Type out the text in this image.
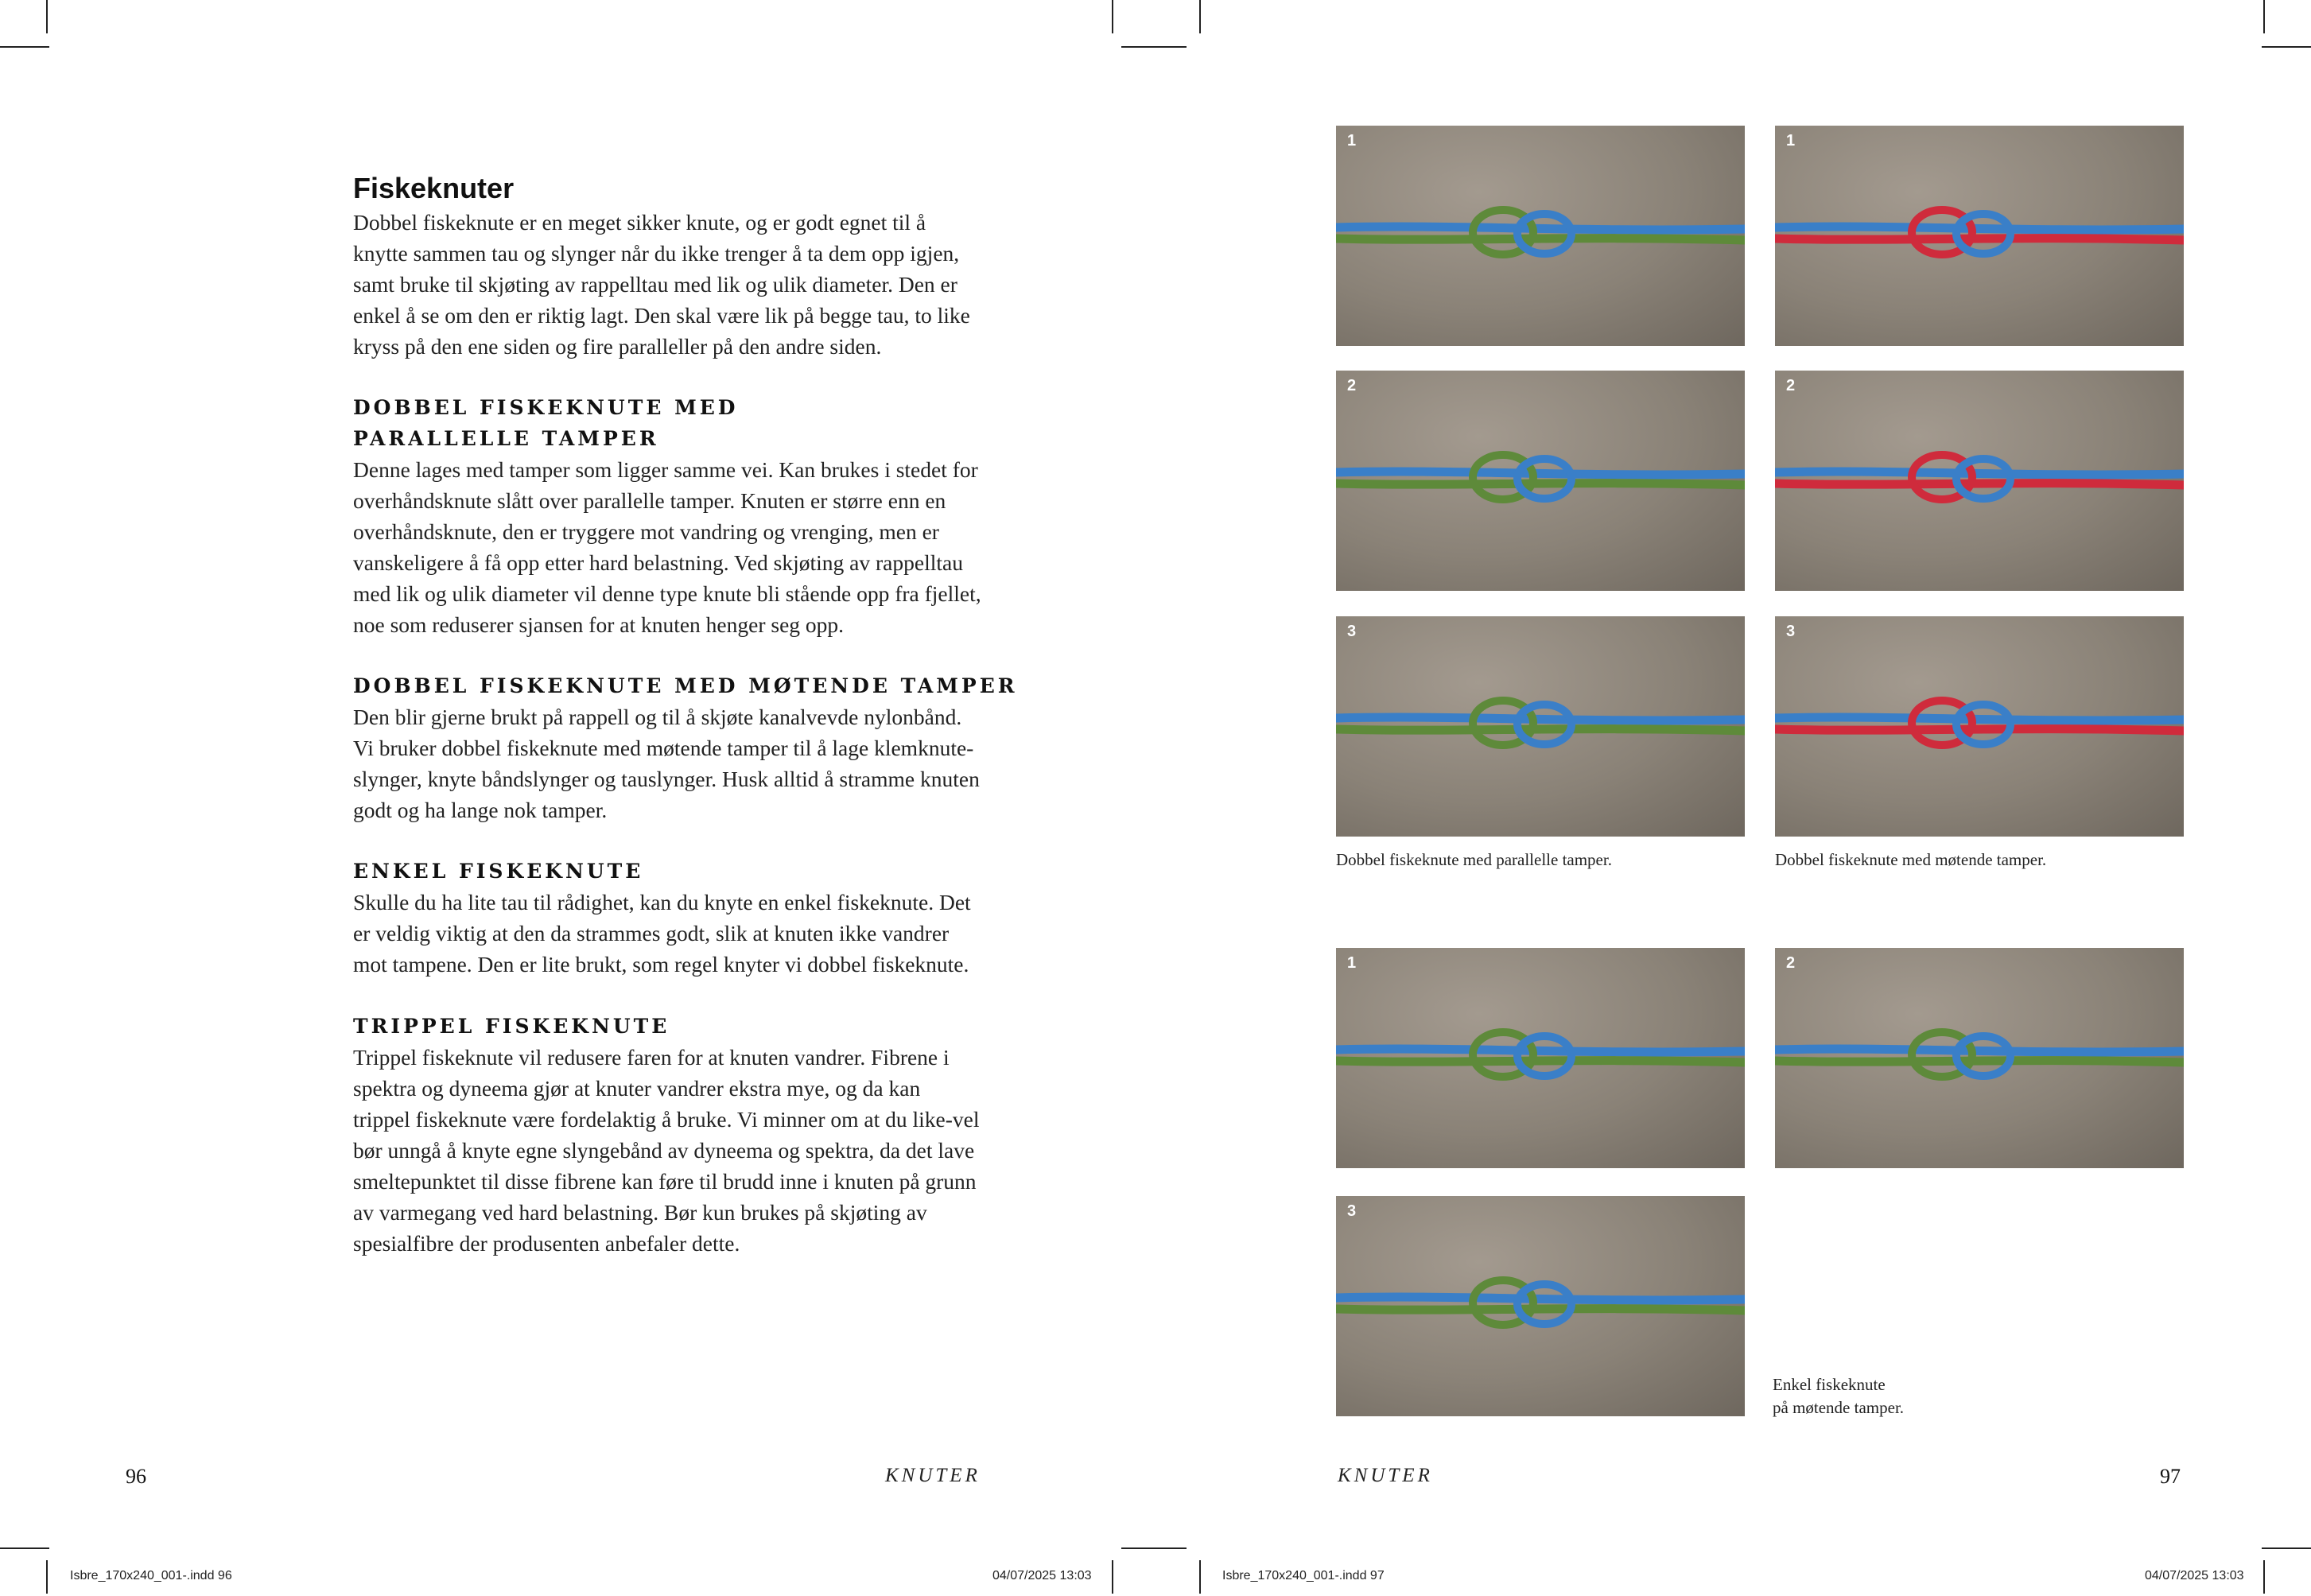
Fiskeknuter

Dobbel fiskeknute er en meget sikker knute, og er godt egnet til å knytte sammen tau og slynger når du ikke trenger å ta dem opp igjen, samt bruke til skjøting av rappelltau med lik og ulik diameter. Den er enkel å se om den er riktig lagt. Den skal være lik på begge tau, to like kryss på den ene siden og fire paralleller på den andre siden.

DOBBEL FISKEKNUTE MED
PARALLELLE TAMPER

Denne lages med tamper som ligger samme vei. Kan brukes i stedet for overhåndsknute slått over parallelle tamper. Knuten er større enn en overhåndsknute, den er tryggere mot vandring og vrenging, men er vanskeligere å få opp etter hard belastning. Ved skjøting av rappelltau med lik og ulik diameter vil denne type knute bli stående opp fra fjellet, noe som reduserer sjansen for at knuten henger seg opp.

DOBBEL FISKEKNUTE MED MØTENDE TAMPER

Den blir gjerne brukt på rappell og til å skjøte kanalvevde nylonbånd. Vi bruker dobbel fiskeknute med møtende tamper til å lage klemknute-slynger, knyte båndslynger og tauslynger. Husk alltid å stramme knuten godt og ha lange nok tamper.

ENKEL FISKEKNUTE

Skulle du ha lite tau til rådighet, kan du knyte en enkel fiskeknute. Det er veldig viktig at den da strammes godt, slik at knuten ikke vandrer mot tampene. Den er lite brukt, som regel knyter vi dobbel fiskeknute.

TRIPPEL FISKEKNUTE

Trippel fiskeknute vil redusere faren for at knuten vandrer. Fibrene i spektra og dyneema gjør at knuter vandrer ekstra mye, og da kan trippel fiskeknute være fordelaktig å bruke. Vi minner om at du like-vel bør unngå å knyte egne slyngebånd av dyneema og spektra, da det lave smeltepunktet til disse fibrene kan føre til brudd inne i knuten på grunn av varmegang ved hard belastning. Bør kun brukes på skjøting av spesialfibre der produsenten anbefaler dette.

96	KNUTER
Isbre_170x240_001-.indd 96	04/07/2025 13:03
1	1
2	2
3	3

Dobbel fiskeknute med parallelle tamper.	Dobbel fiskeknute med møtende tamper.

1	2
3

Enkel fiskeknute

på møtende tamper.

KNUTER	97
Isbre_170x240_001-.indd 97	04/07/2025 13:03
